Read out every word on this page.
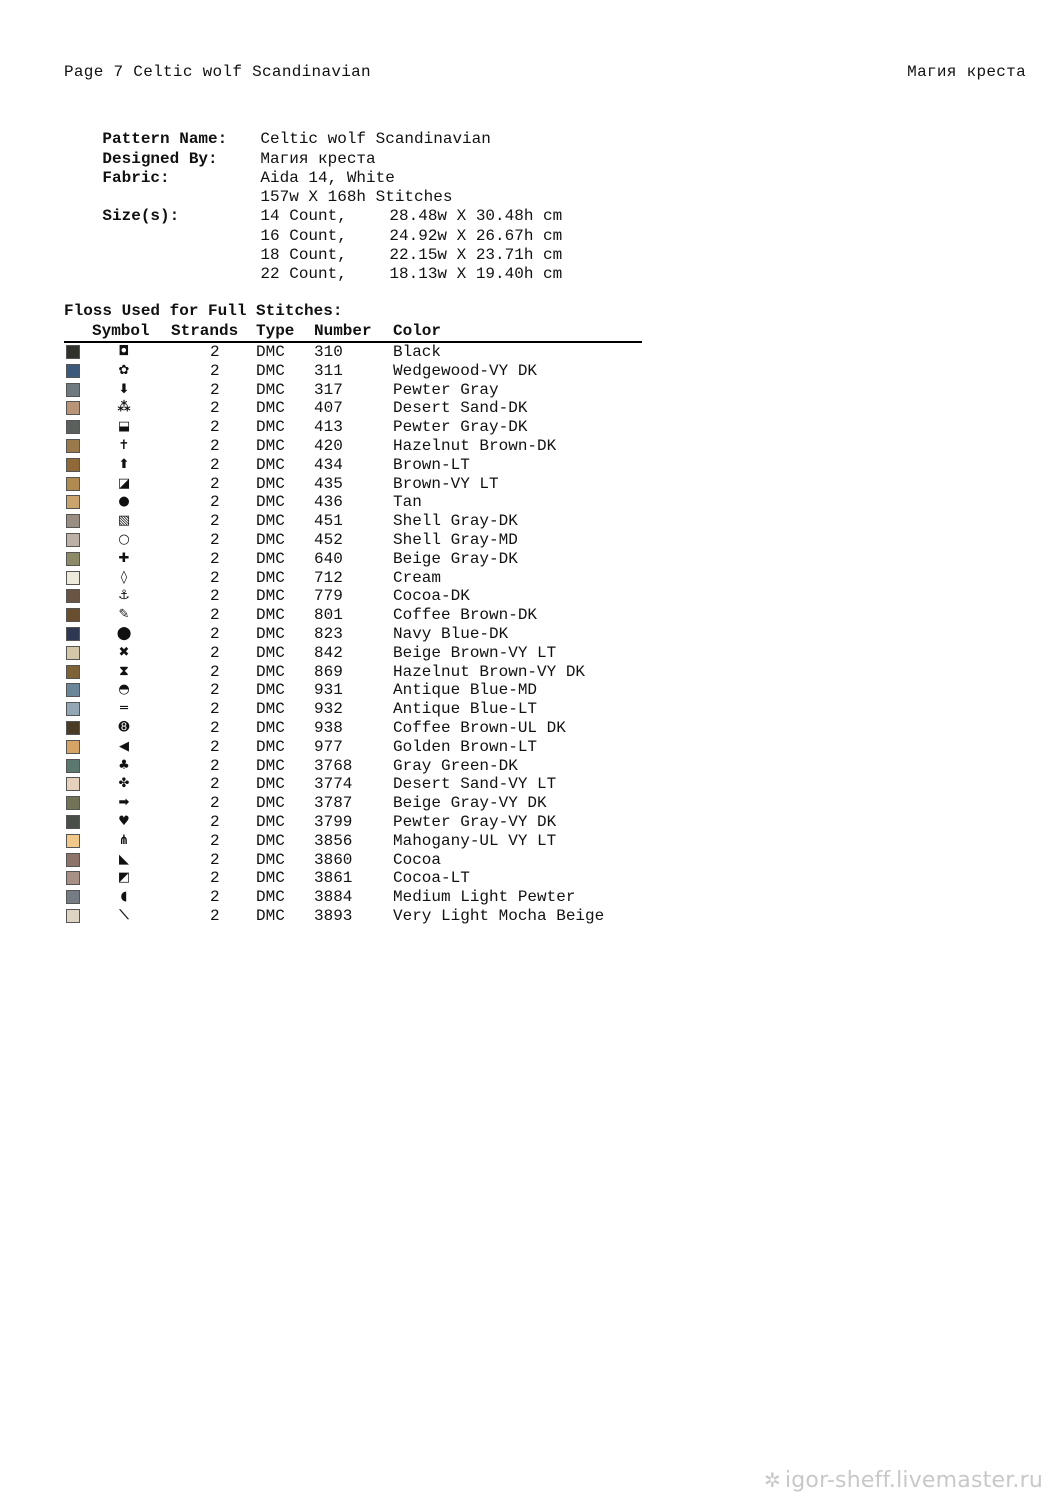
Page 7 Celtic wolf Scandinavian	Магия креста

Pattern Name: Celtic wolf Scandinavian

Designed By:	Магия креста

Fabric:	Aida 14, White

157w X 168h Stitches

Size(s):	14 Count,	28.48w X 30.48h cm

16 Count,	24.92w X 26.67h cm

18 Count,	22.15w X 23.71h cm

22 Count,	18.13w X 19.40h cm

Floss Used for Full Stitches:
Symbol Strands Type Number Color
◘	2 DMC 310	Black
✿	2 DMC 311	Wedgewood-VY DK
⬇	2 DMC 317	Pewter Gray
⁂	2 DMC 407	Desert Sand-DK
⬓	2 DMC 413	Pewter Gray-DK
✝	2 DMC 420	Hazelnut Brown-DK
⬆	2 DMC 434	Brown-LT
◪	2 DMC 435	Brown-VY LT
●	2 DMC 436	Tan
▧	2 DMC 451	Shell Gray-DK
○	2 DMC 452	Shell Gray-MD
✚	2 DMC 640	Beige Gray-DK
◊	2 DMC 712	Cream
⚓	2 DMC 779	Cocoa-DK
✎	2 DMC 801	Coffee Brown-DK
⬤	2 DMC 823	Navy Blue-DK
✖	2 DMC 842	Beige Brown-VY LT
⧗	2 DMC 869	Hazelnut Brown-VY DK
◓	2 DMC 931	Antique Blue-MD
═	2 DMC 932	Antique Blue-LT
➑	2 DMC 938	Coffee Brown-UL DK
◀	2 DMC 977	Golden Brown-LT
♣	2 DMC 3768	Gray Green-DK
✤	2 DMC 3774	Desert Sand-VY LT
➡	2 DMC 3787	Beige Gray-VY DK
♥	2 DMC 3799	Pewter Gray-VY DK
⋔	2 DMC 3856	Mahogany-UL VY LT
◣	2 DMC 3860	Cocoa
◩	2 DMC 3861	Cocoa-LT
◖	2 DMC 3884	Medium Light Pewter
⟍	2 DMC 3893	Very Light Mocha Beige
✲ igor-sheff.livemaster.ru
